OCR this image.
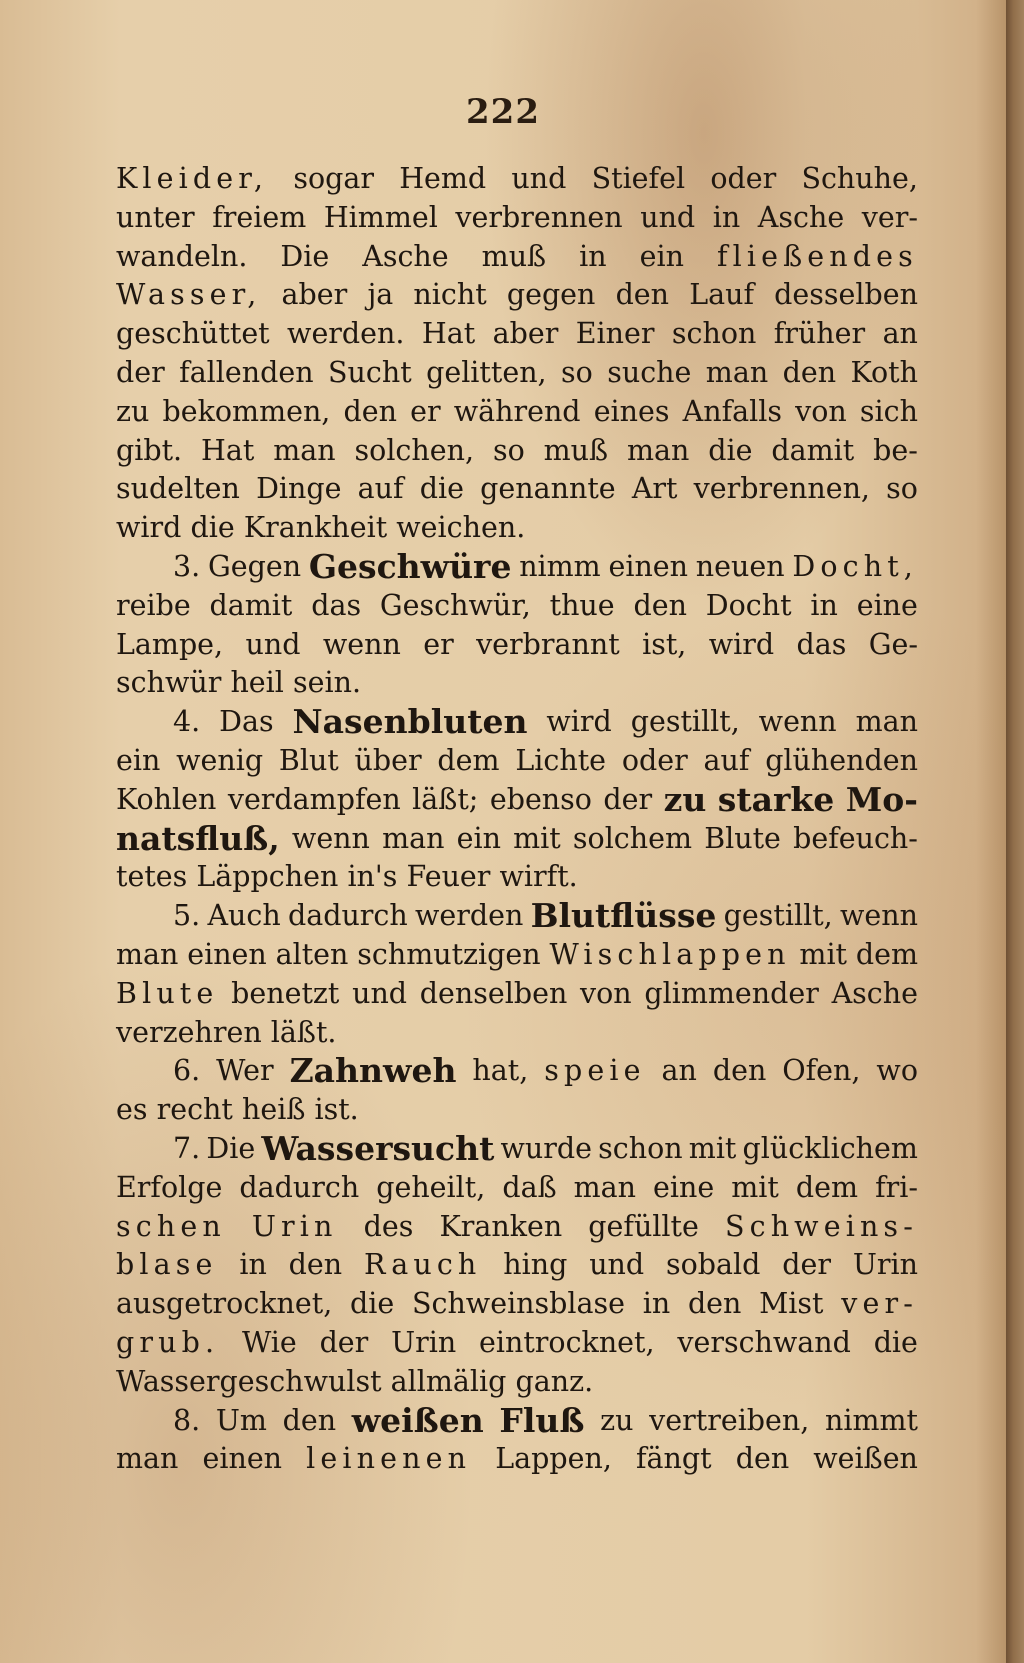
222
Kleider, sogar Hemd und Stiefel oder Schuhe,
unter freiem Himmel verbrennen und in Asche ver-
wandeln. Die Asche muß in ein fließendes
Wasser, aber ja nicht gegen den Lauf desselben
geschüttet werden. Hat aber Einer schon früher an
der fallenden Sucht gelitten, so suche man den Koth
zu bekommen, den er während eines Anfalls von sich
gibt. Hat man solchen, so muß man die damit be-
sudelten Dinge auf die genannte Art verbrennen, so
wird die Krankheit weichen.
3. Gegen Geschwüre nimm einen neuen Docht,
reibe damit das Geschwür, thue den Docht in eine
Lampe, und wenn er verbrannt ist, wird das Ge-
schwür heil sein.
4. Das Nasenbluten wird gestillt, wenn man
ein wenig Blut über dem Lichte oder auf glühenden
Kohlen verdampfen läßt; ebenso der zu starke Mo-
natsfluß, wenn man ein mit solchem Blute befeuch-
tetes Läppchen in's Feuer wirft.
5. Auch dadurch werden Blutflüsse gestillt, wenn
man einen alten schmutzigen Wischlappen mit dem
Blute benetzt und denselben von glimmender Asche
verzehren läßt.
6. Wer Zahnweh hat, speie an den Ofen, wo
es recht heiß ist.
7. Die Wassersucht wurde schon mit glücklichem
Erfolge dadurch geheilt, daß man eine mit dem fri-
schen Urin des Kranken gefüllte Schweins-
blase in den Rauch hing und sobald der Urin
ausgetrocknet, die Schweinsblase in den Mist ver-
grub. Wie der Urin eintrocknet, verschwand die
Wassergeschwulst allmälig ganz.
8. Um den weißen Fluß zu vertreiben, nimmt
man einen leinenen Lappen, fängt den weißen
